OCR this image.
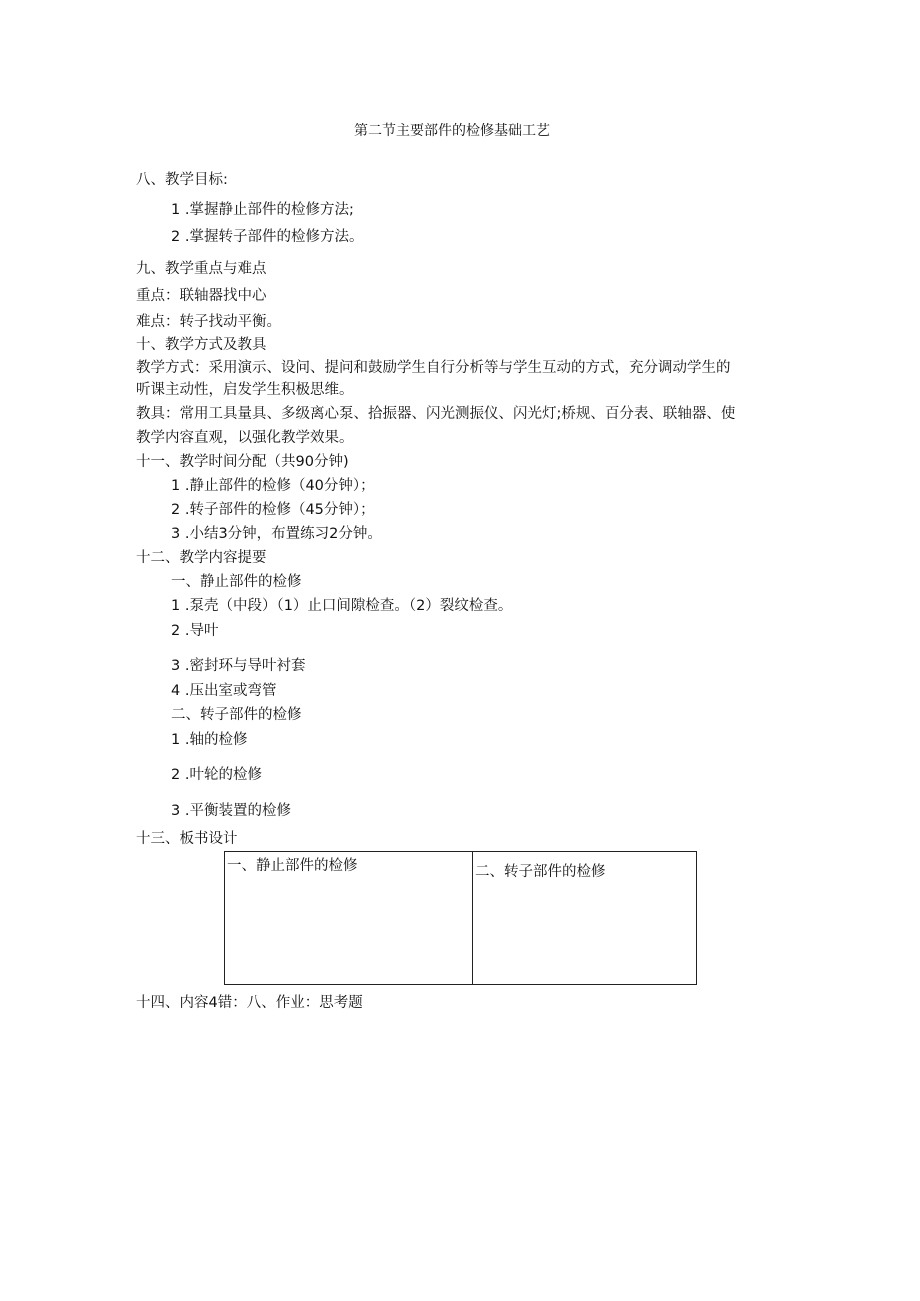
第二节主要部件的检修基础工艺
八、教学目标:
1 .掌握静止部件的检修方法;
2 .掌握转子部件的检修方法。
九、教学重点与难点
重点：联轴器找中心
难点：转子找动平衡。
十、教学方式及教具
教学方式：采用演示、设问、提问和鼓励学生自行分析等与学生互动的方式，充分调动学生的
听课主动性，启发学生积极思维。
教具：常用工具量具、多级离心泵、拾振器、闪光测振仪、闪光灯;桥规、百分表、联轴器、使
教学内容直观，以强化教学效果。
十一、教学时间分配（共90分钟)
1 .静止部件的检修（40分钟）；
2 .转子部件的检修（45分钟）；
3 .小结3分钟，布置练习2分钟。
十二、教学内容提要
一、静止部件的检修
1 .泵壳（中段）（1）止口间隙检查。（2）裂纹检查。
2 .导叶
3 .密封环与导叶衬套
4 .压出室或弯管
二、转子部件的检修
1 .轴的检修
2 .叶轮的检修
3 .平衡装置的检修
十三、板书设计
一、静止部件的检修	二、转子部件的检修
十四、内容4错：八、作业：思考题
